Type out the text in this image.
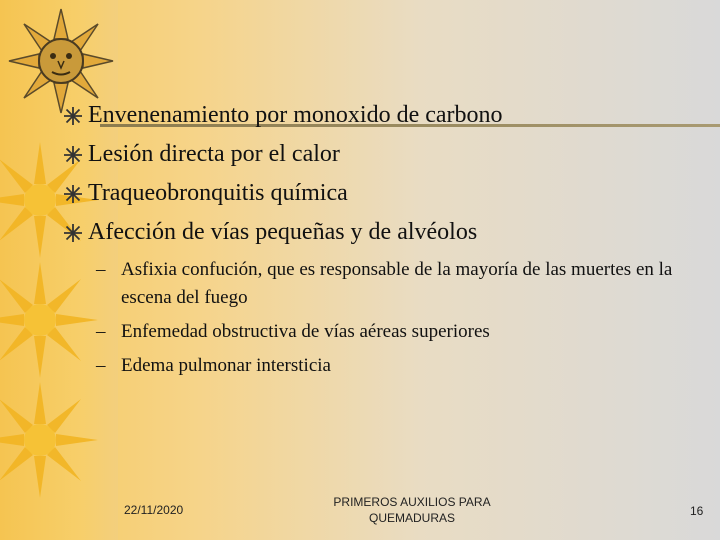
Envenenamiento por monoxido de carbono
Lesión directa por el calor
Traqueobronquitis química
Afección de vías pequeñas y de alvéolos
– Asfixia confución, que es responsable de la mayoría de las muertes en la escena del fuego
– Enfemedad obstructiva de vías aéreas superiores
– Edema pulmonar intersticia
22/11/2020
PRIMEROS AUXILIOS PARA QUEMADURAS	16
